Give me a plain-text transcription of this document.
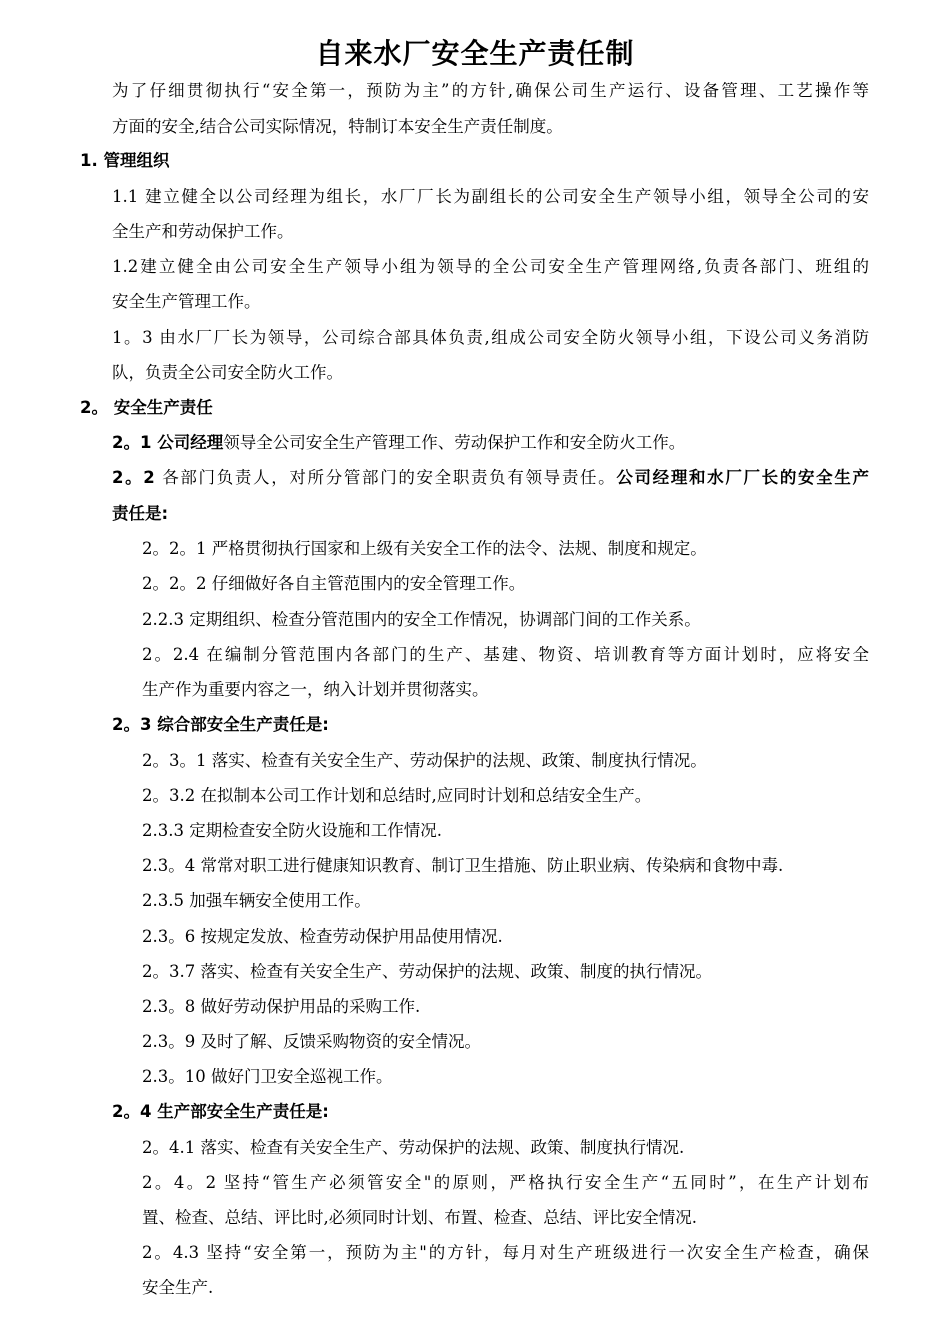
自来水厂安全生产责任制

为了仔细贯彻执行“安全第一，预防为主”的方针,确保公司生产运行、设备管理、工艺操作等

方面的安全,结合公司实际情况，特制订本安全生产责任制度。

1. 管理组织

1.1 建立健全以公司经理为组长，水厂厂长为副组长的公司安全生产领导小组，领导全公司的安

全生产和劳动保护工作。

1.2建立健全由公司安全生产领导小组为领导的全公司安全生产管理网络,负责各部门、班组的

安全生产管理工作。

1。3 由水厂厂长为领导，公司综合部具体负责,组成公司安全防火领导小组，下设公司义务消防

队，负责全公司安全防火工作。

2。 安全生产责任

2。1 公司经理领导全公司安全生产管理工作、劳动保护工作和安全防火工作。

2。2 各部门负责人，对所分管部门的安全职责负有领导责任。公司经理和水厂厂长的安全生产

责任是:

2。2。1 严格贯彻执行国家和上级有关安全工作的法令、法规、制度和规定。

2。2。2 仔细做好各自主管范围内的安全管理工作。

2.2.3 定期组织、检查分管范围内的安全工作情况，协调部门间的工作关系。

2。2.4 在编制分管范围内各部门的生产、基建、物资、培训教育等方面计划时，应将安全

生产作为重要内容之一，纳入计划并贯彻落实。

2。3 综合部安全生产责任是:

2。3。1 落实、检查有关安全生产、劳动保护的法规、政策、制度执行情况。

2。3.2 在拟制本公司工作计划和总结时,应同时计划和总结安全生产。

2.3.3 定期检查安全防火设施和工作情况.

2.3。4 常常对职工进行健康知识教育、制订卫生措施、防止职业病、传染病和食物中毒.

2.3.5 加强车辆安全使用工作。

2.3。6 按规定发放、检查劳动保护用品使用情况.

2。3.7 落实、检查有关安全生产、劳动保护的法规、政策、制度的执行情况。

2.3。8 做好劳动保护用品的采购工作.

2.3。9 及时了解、反馈采购物资的安全情况。

2.3。10 做好门卫安全巡视工作。

2。4 生产部安全生产责任是:

2。4.1 落实、检查有关安全生产、劳动保护的法规、政策、制度执行情况.

2。4。2 坚持“管生产必须管安全"的原则，严格执行安全生产“五同时”，在生产计划布

置、检查、总结、评比时,必须同时计划、布置、检查、总结、评比安全情况.

2。4.3 坚持“安全第一，预防为主"的方针，每月对生产班级进行一次安全生产检查，确保

安全生产.
